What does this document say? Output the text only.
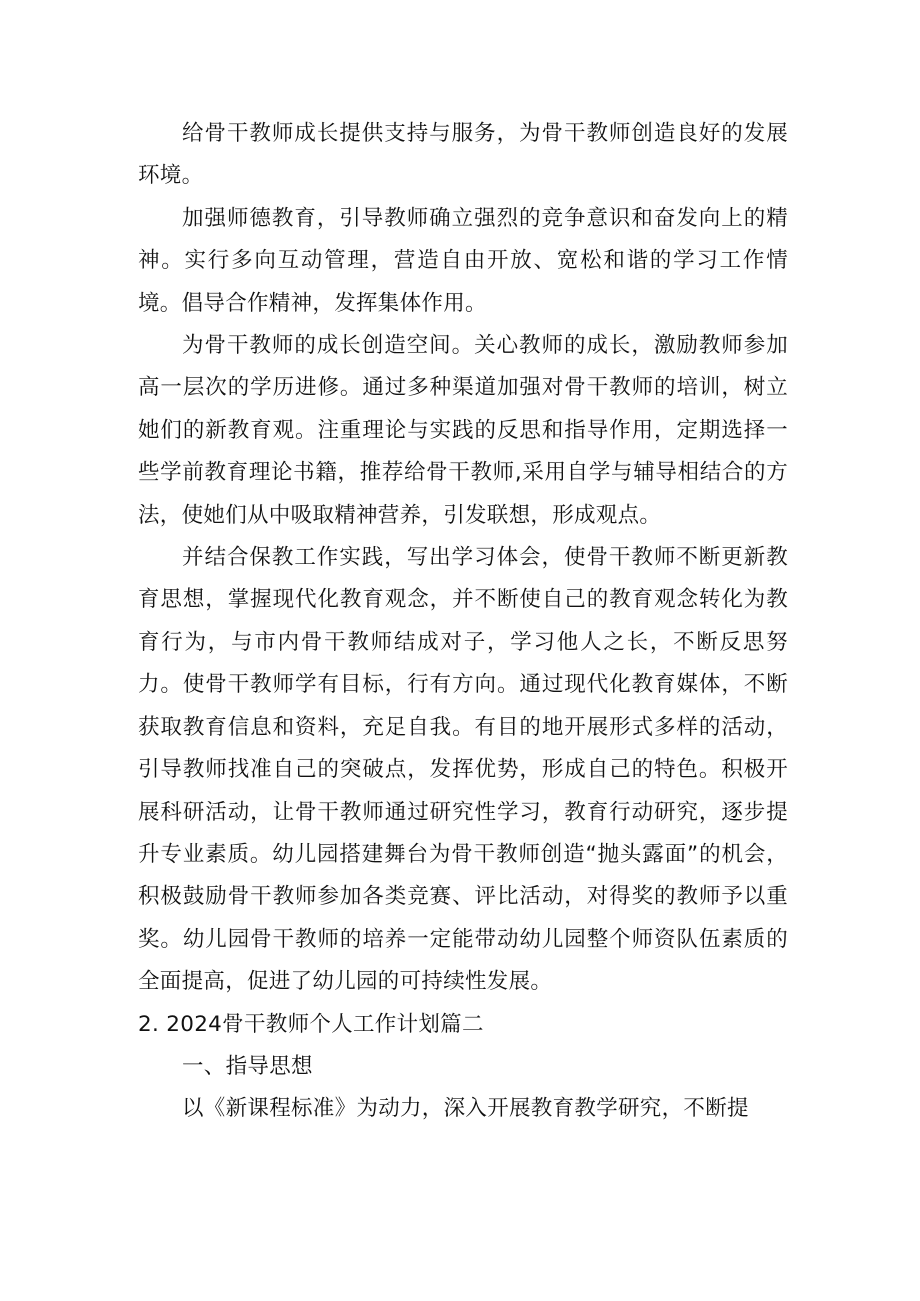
给骨干教师成长提供支持与服务，为骨干教师创造良好的发展环境。

加强师德教育，引导教师确立强烈的竞争意识和奋发向上的精神。实行多向互动管理，营造自由开放、宽松和谐的学习工作情境。倡导合作精神，发挥集体作用。

为骨干教师的成长创造空间。关心教师的成长，激励教师参加高一层次的学历进修。通过多种渠道加强对骨干教师的培训，树立她们的新教育观。注重理论与实践的反思和指导作用，定期选择一些学前教育理论书籍，推荐给骨干教师,采用自学与辅导相结合的方法，使她们从中吸取精神营养，引发联想，形成观点。

并结合保教工作实践，写出学习体会，使骨干教师不断更新教育思想，掌握现代化教育观念，并不断使自己的教育观念转化为教育行为，与市内骨干教师结成对子，学习他人之长，不断反思努力。使骨干教师学有目标，行有方向。通过现代化教育媒体，不断获取教育信息和资料，充足自我。有目的地开展形式多样的活动，引导教师找准自己的突破点，发挥优势，形成自己的特色。积极开展科研活动，让骨干教师通过研究性学习，教育行动研究，逐步提升专业素质。幼儿园搭建舞台为骨干教师创造“抛头露面”的机会，积极鼓励骨干教师参加各类竞赛、评比活动，对得奖的教师予以重奖。幼儿园骨干教师的培养一定能带动幼儿园整个师资队伍素质的全面提高，促进了幼儿园的可持续性发展。

2. 2024骨干教师个人工作计划篇二

一、指导思想

以《新课程标准》为动力，深入开展教育教学研究，不断提
